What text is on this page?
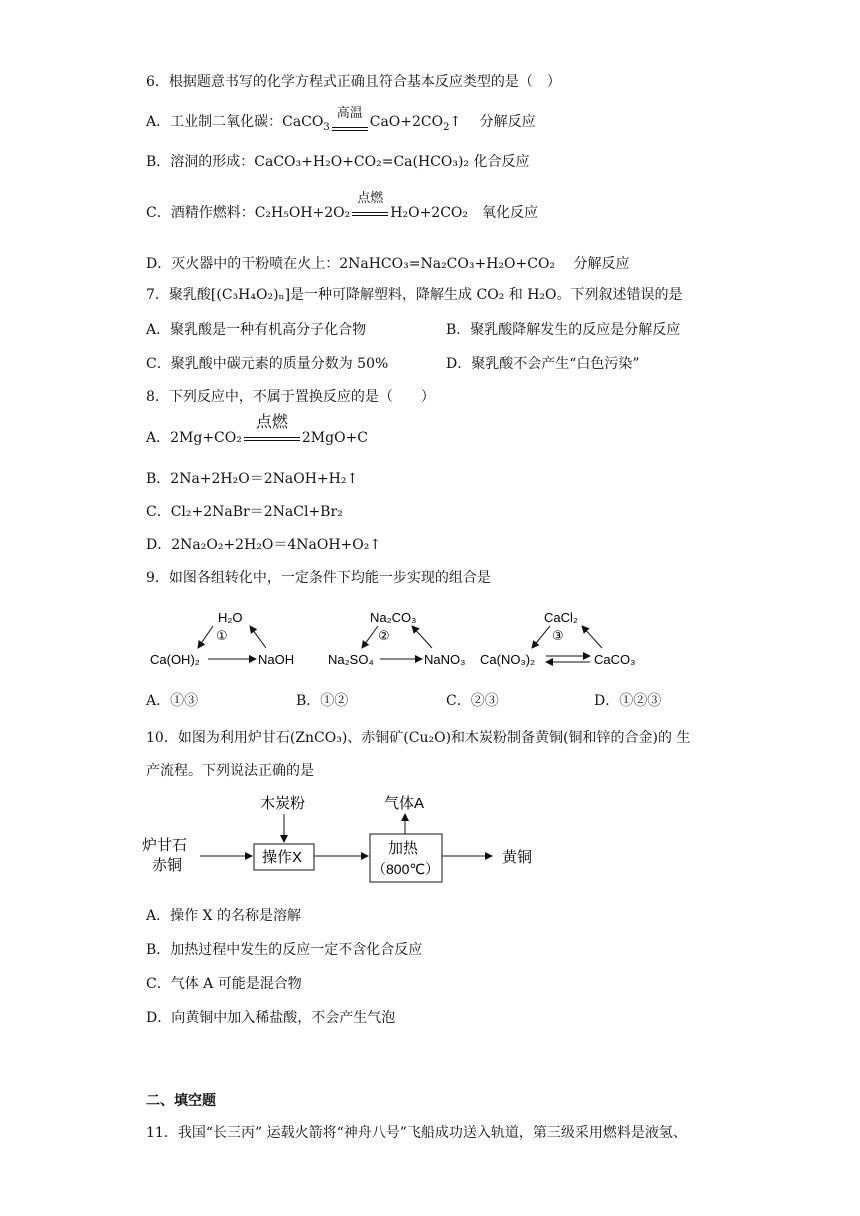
6．根据题意书写的化学方程式正确且符合基本反应类型的是（　）
A．工业制二氧化碳：CaCO$_3$
高温
$CaO+2CO_2↑$　 分解反应
B．溶洞的形成：CaCO₃+H₂O+CO₂=Ca(HCO₃)₂ 化合反应
C．酒精作燃料：C₂H₅OH+2O₂
点燃
H₂O+2CO₂　氧化反应
D．灭火器中的干粉喷在火上：2NaHCO₃=Na₂CO₃+H₂O+CO₂　 分解反应
7．聚乳酸[(C₃H₄O₂)ₙ]是一种可降解塑料，降解生成 CO₂ 和 H₂O。下列叙述错误的是
A．聚乳酸是一种有机高分子化合物	B．聚乳酸降解发生的反应是分解反应
C．聚乳酸中碳元素的质量分数为 50%	D．聚乳酸不会产生“白色污染”
8．下列反应中，不属于置换反应的是（　　）
A．2Mg+CO₂
点燃
2MgO+C
B．2Na+2H₂O＝2NaOH+H₂↑
C．Cl₂+2NaBr＝2NaCl+Br₂
D．2Na₂O₂+2H₂O＝4NaOH+O₂↑
9．如图各组转化中，一定条件下均能一步实现的组合是
H₂O
①
Ca(OH)₂	NaOH
Na₂CO₃
②
Na₂SO₄	NaNO₃
CaCl₂
③
Ca(NO₃)₂	CaCO₃
A．①③	B．①②	C．②③	D．①②③
10．如图为利用炉甘石(ZnCO₃)、赤铜矿(Cu₂O)和木炭粉制备黄铜(铜和锌的合金)的 生
产流程。下列说法正确的是
木炭粉	气体A
炉甘石
赤铜	操作X
加热
（800℃）
黄铜
A．操作 X 的名称是溶解
B．加热过程中发生的反应一定不含化合反应
C．气体 A 可能是混合物
D．向黄铜中加入稀盐酸，不会产生气泡
二、填空题
11．我国“长三丙” 运载火箭将“神舟八号”飞船成功送入轨道，第三级采用燃料是液氢、
